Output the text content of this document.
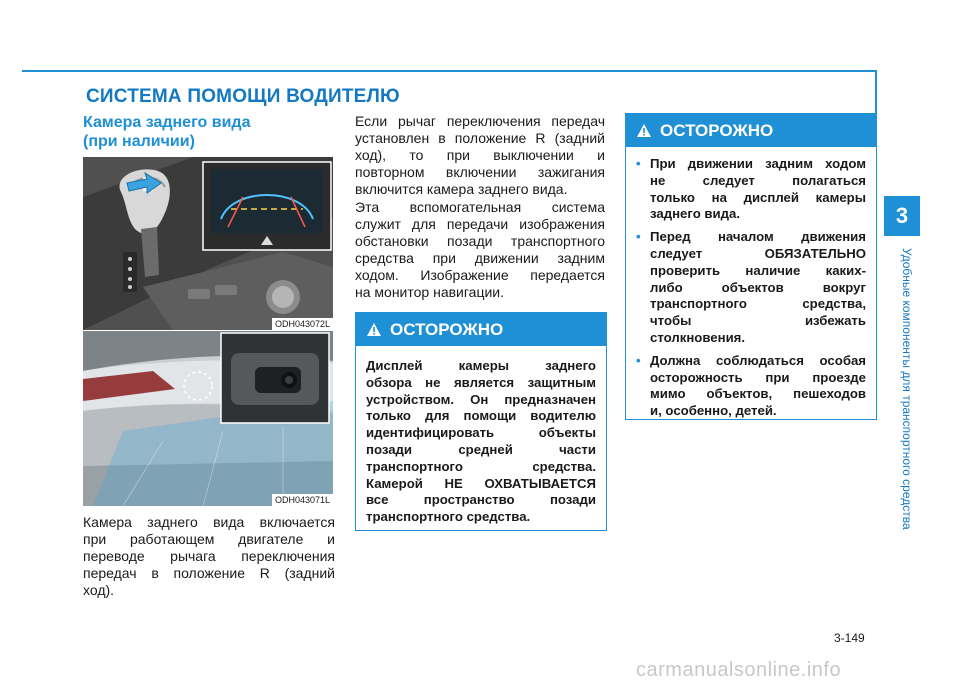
СИСТЕМА ПОМОЩИ ВОДИТЕЛЮ
3
Удобные компоненты для транспортного средства
Камера заднего вида
(при наличии)
ODH043072L
ODH043071L
Камера заднего вида включается
при работающем двигателе и
переводе рычага переключения
передач в положение R (задний
ход).
Если рычаг переключения передач
установлен в положение R (задний
ход), то при выключении и
повторном включении зажигания
включится камера заднего вида.
Эта вспомогательная система
служит для передачи изображения
обстановки позади транспортного
средства при движении задним
ходом. Изображение передается
на монитор навигации.
ОСТОРОЖНО
Дисплей камеры заднего
обзора не является защитным
устройством. Он предназначен
только для помощи водителю
идентифицировать объекты
позади средней части
транспортного средства.
Камерой НЕ ОХВАТЫВАЕТСЯ
все пространство позади
транспортного средства.
ОСТОРОЖНО
• При движении задним ходом
не следует полагаться
только на дисплей камеры
заднего вида.
• Перед началом движения
следует ОБЯЗАТЕЛЬНО
проверить наличие каких-
либо объектов вокруг
транспортного средства,
чтобы избежать
столкновения.
• Должна соблюдаться особая
осторожность при проезде
мимо объектов, пешеходов
и, особенно, детей.
3-149
carmanualsonline.info
